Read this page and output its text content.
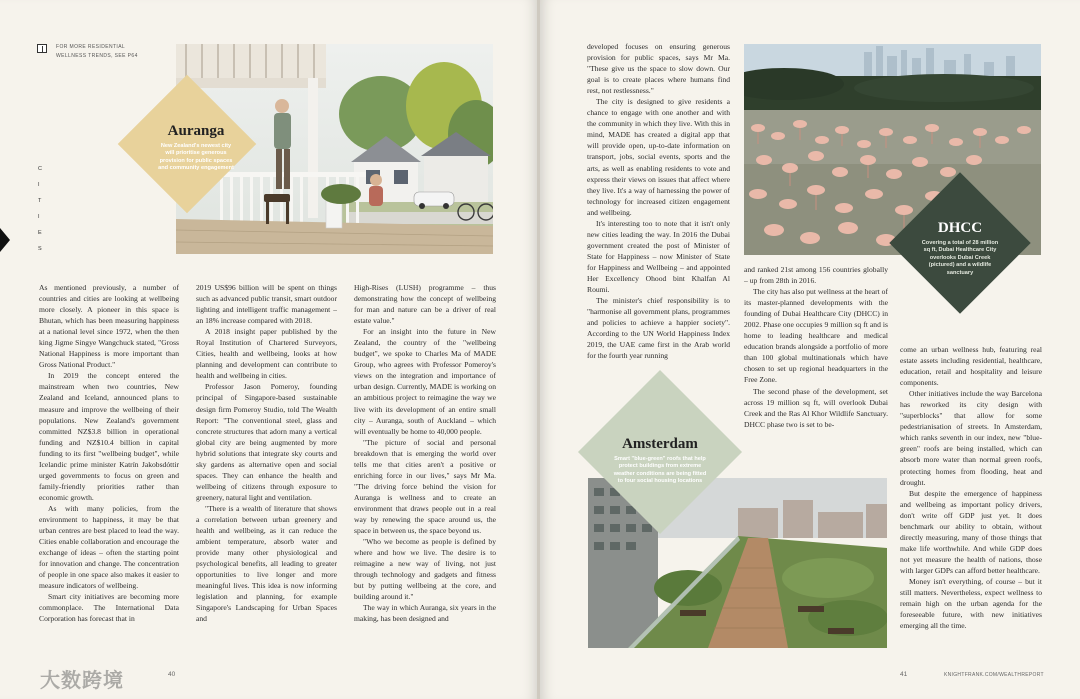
FOR MORE RESIDENTIAL
WELLNESS TRENDS, SEE P64
C
I
T
I
E
S
Auranga
New Zealand's newest city will prioritise generous provision for public spaces and community engagement

As mentioned previously, a number of countries and cities are looking at wellbeing more closely. A pioneer in this space is Bhutan, which has been measuring happiness at a national level since 1972, when the then king Jigme Singye Wangchuck stated, "Gross National Happiness is more important than Gross National Product."

In 2019 the concept entered the mainstream when two countries, New Zealand and Iceland, announced plans to measure and improve the wellbeing of their populations. New Zealand's government committed NZ$3.8 billion in operational funding and NZ$10.4 billion in capital funding to its first "wellbeing budget", while Icelandic prime minister Katrín Jakobsdóttir urged governments to focus on green and family-friendly priorities rather than economic growth.

As with many policies, from the environment to happiness, it may be that urban centres are best placed to lead the way. Cities enable collaboration and encourage the exchange of ideas – often the starting point for innovation and change. The concentration of people in one space also makes it easier to measure indicators of wellbeing.

Smart city initiatives are becoming more commonplace. The International Data Corporation has forecast that in

2019 US$96 billion will be spent on things such as advanced public transit, smart outdoor lighting and intelligent traffic management – an 18% increase compared with 2018.

A 2018 insight paper published by the Royal Institution of Chartered Surveyors, Cities, health and wellbeing, looks at how planning and development can contribute to health and wellbeing in cities.

Professor Jason Pomeroy, founding principal of Singapore-based sustainable design firm Pomeroy Studio, told The Wealth Report: "The conventional steel, glass and concrete structures that adorn many a vertical global city are being augmented by more hybrid solutions that integrate sky courts and sky gardens as alternative open and social spaces. They can enhance the health and wellbeing of citizens through exposure to greenery, natural light and ventilation.

"There is a wealth of literature that shows a correlation between urban greenery and health and wellbeing, as it can reduce the ambient temperature, absorb water and provide many other physiological and psychological benefits, all leading to greater opportunities to live longer and more meaningful lives. This idea is now informing legislation and planning, for example Singapore's Landscaping for Urban Spaces and

High-Rises (LUSH) programme – thus demonstrating how the concept of wellbeing for man and nature can be a driver of real estate value."

For an insight into the future in New Zealand, the country of the "wellbeing budget", we spoke to Charles Ma of MADE Group, who agrees with Professor Pomeroy's views on the integration and importance of urban design. Currently, MADE is working on an ambitious project to reimagine the way we live with its development of an entire small city – Auranga, south of Auckland – which will eventually be home to 40,000 people.

"The picture of social and personal breakdown that is emerging the world over tells me that cities aren't a positive or enriching force in our lives," says Mr Ma. "The driving force behind the vision for Auranga is wellness and to create an environment that draws people out in a real way by renewing the space around us, the space in between us, the space beyond us.

"Who we become as people is defined by where and how we live. The desire is to reimagine a new way of living, not just through technology and gadgets and fitness but by putting wellbeing at the core, and building around it."

The way in which Auranga, six years in the making, has been designed and

大数跨境	40

developed focuses on ensuring generous provision for public spaces, says Mr Ma. "These give us the space to slow down. Our goal is to create places where humans find rest, not restlessness."

The city is designed to give residents a chance to engage with one another and with the community in which they live. With this in mind, MADE has created a digital app that will provide open, up-to-date information on transport, jobs, social events, sports and the arts, as well as enabling residents to vote and express their views on issues that affect where they live. It's a way of harnessing the power of technology for increased citizen engagement and wellbeing.

It's interesting too to note that it isn't only new cities leading the way. In 2016 the Dubai government created the post of Minister of State for Happiness – now Minister of State for Happiness and Wellbeing – and appointed Her Excellency Ohood bint Khalfan Al Roumi.

The minister's chief responsibility is to "harmonise all government plans, programmes and policies to achieve a happier society". According to the UN World Happiness Index 2019, the UAE came first in the Arab world for the fourth year running

DHCC
Covering a total of 28 million sq ft, Dubai Healthcare City overlooks Dubai Creek (pictured) and a wildlife sanctuary

and ranked 21st among 156 countries globally – up from 28th in 2016.

The city has also put wellness at the heart of its master-planned developments with the founding of Dubai Healthcare City (DHCC) in 2002. Phase one occupies 9 million sq ft and is home to leading healthcare and medical education brands alongside a portfolio of more than 100 global multinationals which have chosen to set up regional headquarters in the Free Zone.

The second phase of the development, set across 19 million sq ft, will overlook Dubai Creek and the Ras Al Khor Wildlife Sanctuary. DHCC phase two is set to be-

come an urban wellness hub, featuring real estate assets including residential, healthcare, education, retail and hospitality and leisure components.

Other initiatives include the way Barcelona has reworked its city design with "superblocks" that allow for some pedestrianisation of streets. In Amsterdam, which ranks seventh in our index, new "blue-green" roofs are being installed, which can absorb more water than normal green roofs, protecting homes from flooding, heat and drought.

But despite the emergence of happiness and wellbeing as important policy drivers, don't write off GDP just yet. It does benchmark our ability to obtain, without directly measuring, many of those things that make life worthwhile. And while GDP does not yet measure the health of nations, those with larger GDPs can afford better healthcare.

Money isn't everything, of course – but it still matters. Nevertheless, expect wellness to remain high on the urban agenda for the foreseeable future, with new initiatives emerging all the time.

Amsterdam
Smart "blue-green" roofs that help protect buildings from extreme weather conditions are being fitted to four social housing locations
41	KNIGHTFRANK.COM/WEALTHREPORT
